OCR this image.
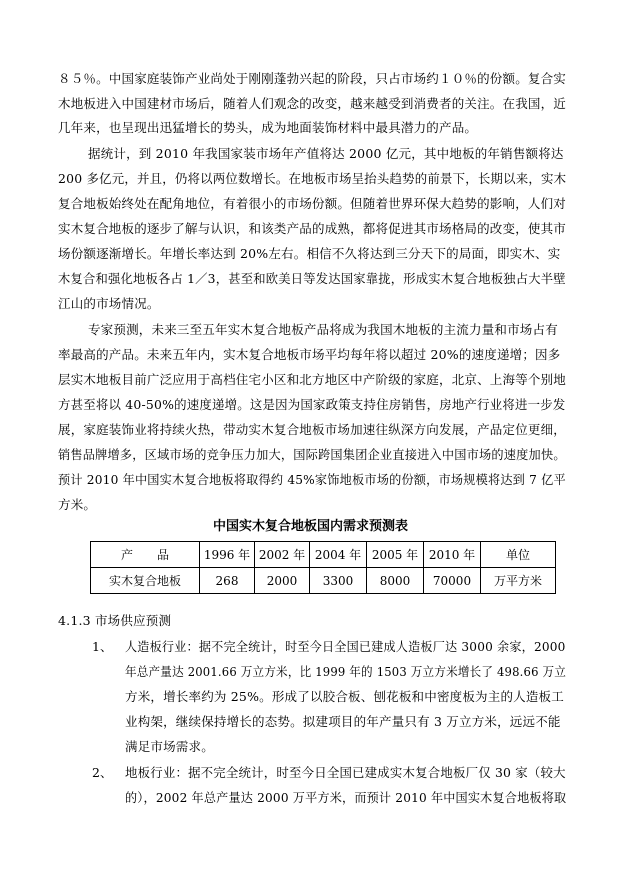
８５％。中国家庭装饰产业尚处于刚刚蓬勃兴起的阶段，只占市场约１０％的份额。复合实
木地板进入中国建材市场后，随着人们观念的改变，越来越受到消费者的关注。在我国，近
几年来，也呈现出迅猛增长的势头，成为地面装饰材料中最具潜力的产品。
据统计，到 2010 年我国家装市场年产值将达 2000 亿元，其中地板的年销售额将达
200 多亿元，并且，仍将以两位数增长。在地板市场呈抬头趋势的前景下，长期以来，实木
复合地板始终处在配角地位，有着很小的市场份额。但随着世界环保大趋势的影响，人们对
实木复合地板的逐步了解与认识，和该类产品的成熟，都将促进其市场格局的改变，使其市
场份额逐渐增长。年增长率达到 20%左右。相信不久将达到三分天下的局面，即实木、实
木复合和强化地板各占 1／3，甚至和欧美日等发达国家靠拢，形成实木复合地板独占大半壁
江山的市场情况。
专家预测，未来三至五年实木复合地板产品将成为我国木地板的主流力量和市场占有
率最高的产品。未来五年内，实木复合地板市场平均每年将以超过 20%的速度递增；因多
层实木地板目前广泛应用于高档住宅小区和北方地区中产阶级的家庭，北京、上海等个别地
方甚至将以 40-50%的速度递增。这是因为国家政策支持住房销售，房地产行业将进一步发
展，家庭装饰业将持续火热，带动实木复合地板市场加速往纵深方向发展，产品定位更细，
销售品牌增多，区域市场的竞争压力加大，国际跨国集团企业直接进入中国市场的速度加快。
预计 2010 年中国实木复合地板将取得约 45%家饰地板市场的份额，市场规模将达到 7 亿平
方米。
中国实木复合地板国内需求预测表
产　　品	1996 年	2002 年	2004 年	2005 年	2010 年	单位
实木复合地板	268	2000	3300	8000	70000	万平方米
4.1.3 市场供应预测
1、 人造板行业：据不完全统计，时至今日全国已建成人造板厂达 3000 余家，2000
年总产量达 2001.66 万立方米，比 1999 年的 1503 万立方米增长了 498.66 万立
方米，增长率约为 25%。形成了以胶合板、刨花板和中密度板为主的人造板工
业构架，继续保持增长的态势。拟建项目的年产量只有 3 万立方米，远远不能
满足市场需求。
2、 地板行业：据不完全统计，时至今日全国已建成实木复合地板厂仅 30 家（较大
的），2002 年总产量达 2000 万平方米，而预计 2010 年中国实木复合地板将取
